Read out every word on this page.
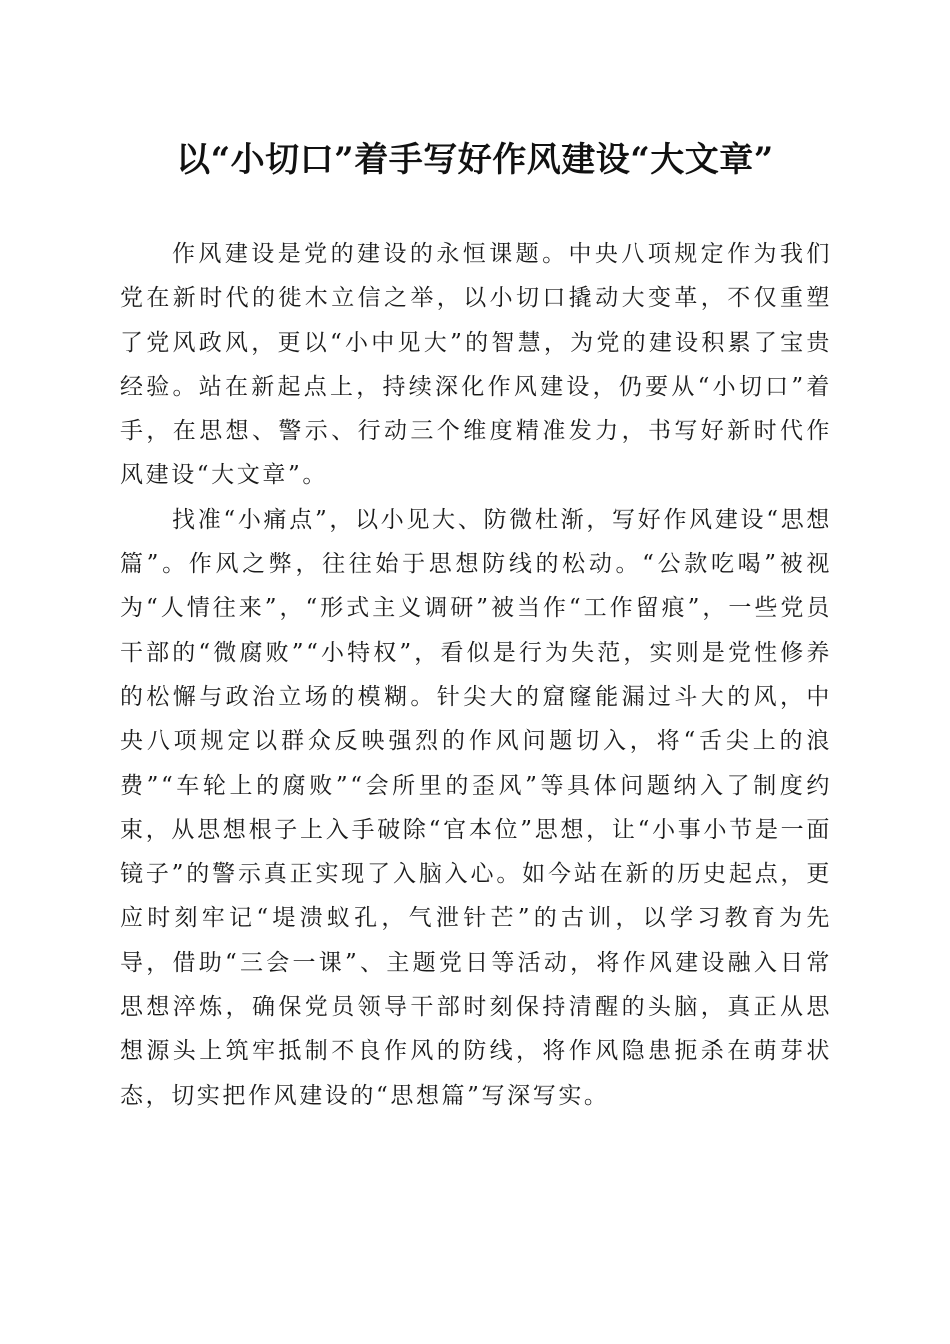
以“小切口”着手写好作风建设“大文章”

作风建设是党的建设的永恒课题。中央八项规定作为我们党在新时代的徙木立信之举，以小切口撬动大变革，不仅重塑了党风政风，更以“小中见大”的智慧，为党的建设积累了宝贵经验。站在新起点上，持续深化作风建设，仍要从“小切口”着手，在思想、警示、行动三个维度精准发力，书写好新时代作风建设“大文章”。

找准“小痛点”，以小见大、防微杜渐，写好作风建设“思想篇”。作风之弊，往往始于思想防线的松动。“公款吃喝”被视为“人情往来”，“形式主义调研”被当作“工作留痕”，一些党员干部的“微腐败”“小特权”，看似是行为失范，实则是党性修养的松懈与政治立场的模糊。针尖大的窟窿能漏过斗大的风，中央八项规定以群众反映强烈的作风问题切入，将“舌尖上的浪费”“车轮上的腐败”“会所里的歪风”等具体问题纳入了制度约束，从思想根子上入手破除“官本位”思想，让“小事小节是一面镜子”的警示真正实现了入脑入心。如今站在新的历史起点，更应时刻牢记“堤溃蚁孔，气泄针芒”的古训，以学习教育为先导，借助“三会一课”、主题党日等活动，将作风建设融入日常思想淬炼，确保党员领导干部时刻保持清醒的头脑，真正从思想源头上筑牢抵制不良作风的防线，将作风隐患扼杀在萌芽状态，切实把作风建设的“思想篇”写深写实。
